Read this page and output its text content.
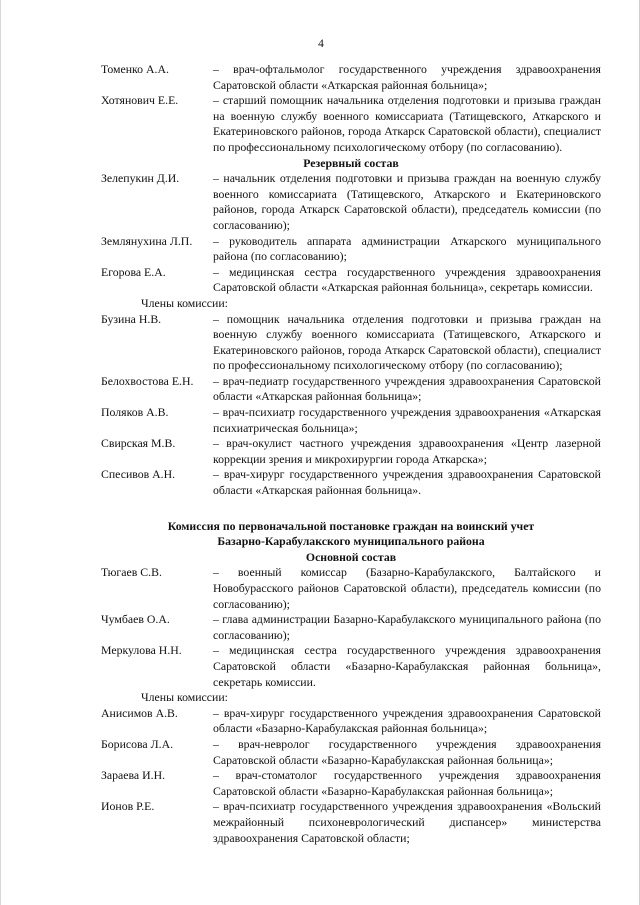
4
Томенко А.А.	– врач-офтальмолог государственного учреждения здравоохранения Саратовской области «Аткарская районная больница»;
Хотянович Е.Е.	– старший помощник начальника отделения подготовки и призыва граждан на военную службу военного комиссариата (Татищевского, Аткарского и Екатериновского районов, города Аткарск Саратовской области), специалист по профессиональному психологическому отбору (по согласованию).
Резервный состав
Зелепукин Д.И.	– начальник отделения подготовки и призыва граждан на военную службу военного комиссариата (Татищевского, Аткарского и Екатериновского районов, города Аткарск Саратовской области), председатель комиссии (по согласованию);
Землянухина Л.П.	– руководитель аппарата администрации Аткарского муниципального района (по согласованию);
Егорова Е.А.	– медицинская сестра государственного учреждения здравоохранения Саратовской области «Аткарская районная больница», секретарь комиссии.
Члены комиссии:
Бузина Н.В.	– помощник начальника отделения подготовки и призыва граждан на военную службу военного комиссариата (Татищевского, Аткарского и Екатериновского районов, города Аткарск Саратовской области), специалист по профессиональному психологическому отбору (по согласованию);
Белохвостова Е.Н.	– врач-педиатр государственного учреждения здравоохранения Саратовской области «Аткарская районная больница»;
Поляков А.В.	– врач-психиатр государственного учреждения здравоохранения «Аткарская психиатрическая больница»;
Свирская М.В.	– врач-окулист частного учреждения здравоохранения «Центр лазерной коррекции зрения и микрохирургии города Аткарска»;
Спесивов А.Н.	– врач-хирург государственного учреждения здравоохранения Саратовской области «Аткарская районная больница».
Комиссия по первоначальной постановке граждан на воинский учет
Базарно-Карабулакского муниципального района
Основной состав
Тюгаев С.В.	– военный комиссар (Базарно-Карабулакского, Балтайского и Новобурасского районов Саратовской области), председатель комиссии (по согласованию);
Чумбаев О.А.	– глава администрации Базарно-Карабулакского муниципального района (по согласованию);
Меркулова Н.Н.	– медицинская сестра государственного учреждения здравоохранения Саратовской области «Базарно-Карабулакская районная больница», секретарь комиссии.
Члены комиссии:
Анисимов А.В.	– врач-хирург государственного учреждения здравоохранения Саратовской области «Базарно-Карабулакская районная больница»;
Борисова Л.А.	– врач-невролог государственного учреждения здравоохранения Саратовской области «Базарно-Карабулакская районная больница»;
Зараева И.Н.	– врач-стоматолог государственного учреждения здравоохранения Саратовской области «Базарно-Карабулакская районная больница»;
Ионов Р.Е.	– врач-психиатр государственного учреждения здравоохранения «Вольский межрайонный психоневрологический диспансер» министерства здравоохранения Саратовской области;
